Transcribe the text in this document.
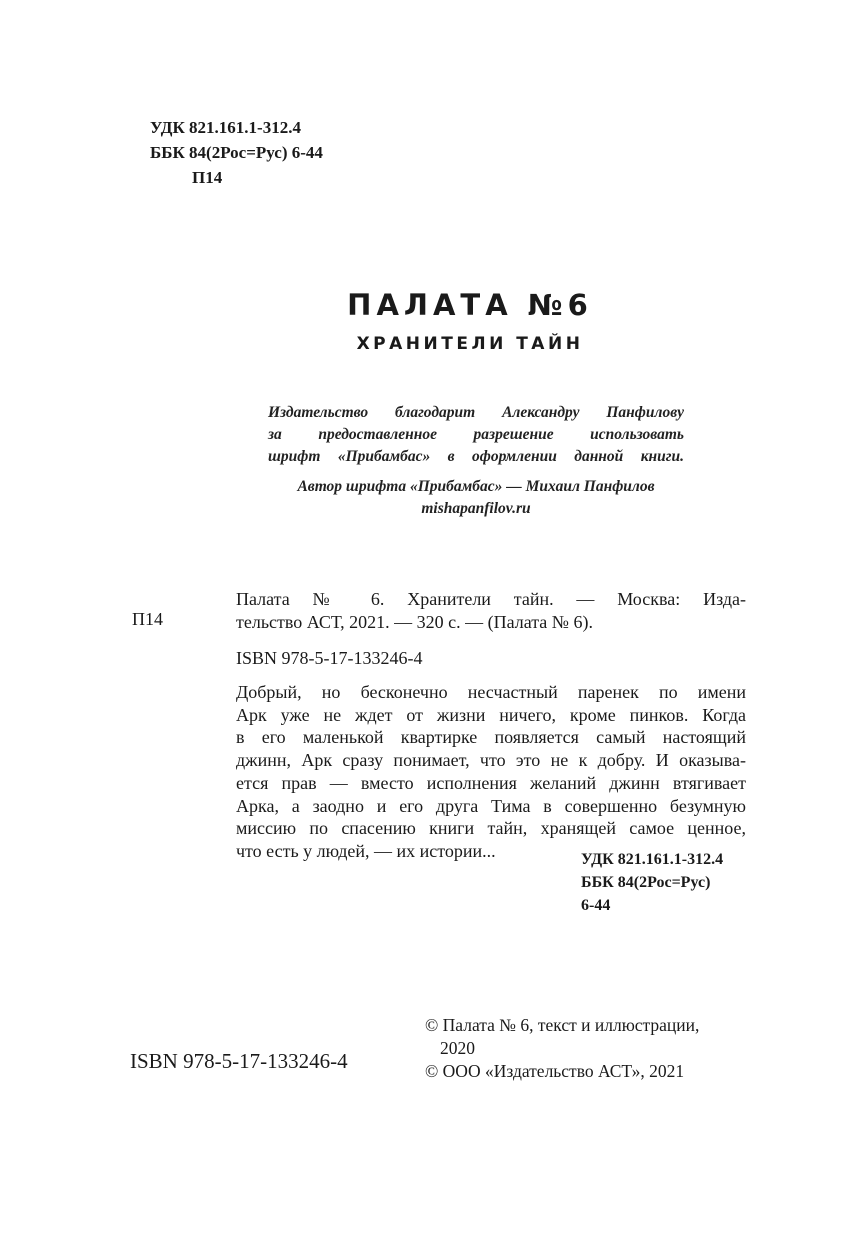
УДК 821.161.1-312.4
ББК 84(2Рос=Рус) 6-44
П14
ПАЛАТА №6
ХРАНИТЕЛИ ТАЙН
Издательство благодарит Александру Панфилову
за предоставленное разрешение использовать
шрифт «Прибамбас» в оформлении данной книги.
Автор шрифта «Прибамбас» — Михаил Панфилов
mishapanfilov.ru
П14
Палата № 6. Хранители тайн. — Москва: Изда-
тельство АСТ, 2021. — 320 с. — (Палата № 6).
ISBN 978-5-17-133246-4
Добрый, но бесконечно несчастный паренек по имени
Арк уже не ждет от жизни ничего, кроме пинков. Когда
в его маленькой квартирке появляется самый настоящий
джинн, Арк сразу понимает, что это не к добру. И оказыва-
ется прав — вместо исполнения желаний джинн втягивает
Арка, а заодно и его друга Тима в совершенно безумную
миссию по спасению книги тайн, хранящей самое ценное,
что есть у людей, — их истории...	УДК 821.161.1-312.4
ББК 84(2Рос=Рус)
6-44
ISBN 978-5-17-133246-4
© Палата № 6, текст и иллюстрации,
2020
© ООО «Издательство АСТ», 2021
